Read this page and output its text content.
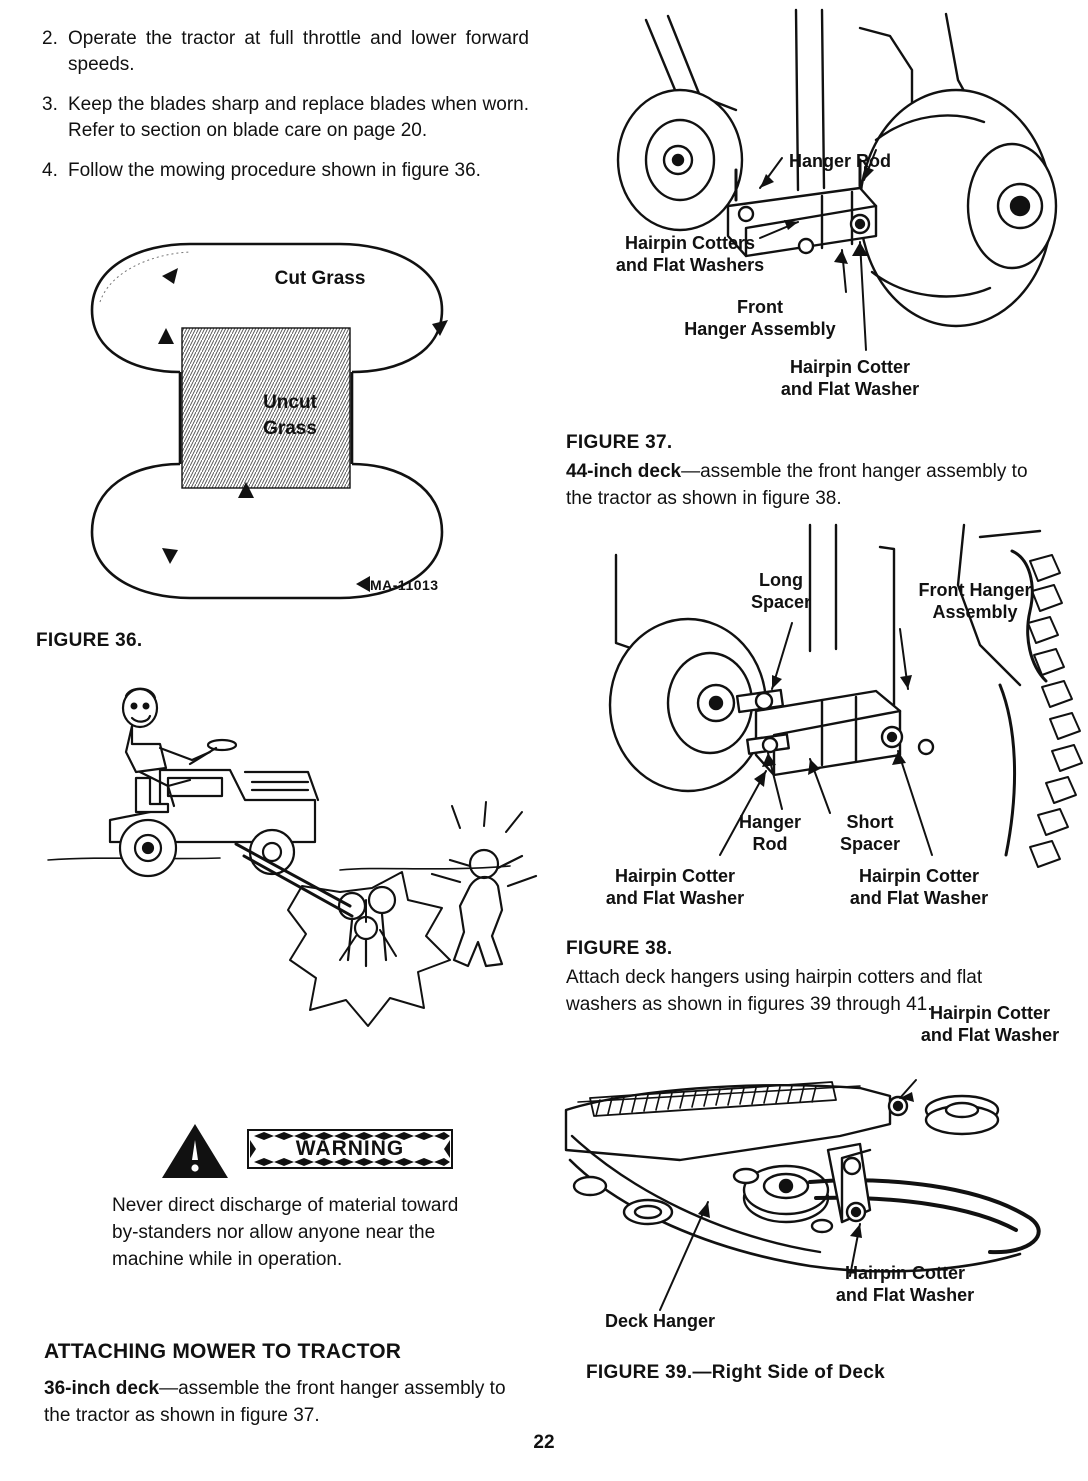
2. Operate the tractor at full throttle and lower forward speeds.
3. Keep the blades sharp and replace blades when worn. Refer to section on blade care on page 20.
4. Follow the mowing procedure shown in figure 36.
Cut Grass
Uncut
Grass
MA-11013
FIGURE 36.
WARNING
Never direct discharge of material toward by-standers nor allow anyone near the machine while in operation.
ATTACHING MOWER TO TRACTOR
36-inch deck—assemble the front hanger assembly to the tractor as shown in figure 37.
Hanger Rod
Hairpin Cotters
and Flat Washers
Front
Hanger Assembly
Hairpin Cotter
and Flat Washer
FIGURE 37.
44-inch deck—assemble the front hanger assembly to the tractor as shown in figure 38.
Long
Spacer
Front Hanger
Assembly
Hanger
Rod
Short
Spacer
Hairpin Cotter
and Flat Washer
Hairpin Cotter
and Flat Washer
FIGURE 38.
Attach deck hangers using hairpin cotters and flat washers as shown in figures 39 through 41.
Hairpin Cotter
and Flat Washer
Hairpin Cotter
and Flat Washer
Deck Hanger
FIGURE 39.—Right Side of Deck
22
